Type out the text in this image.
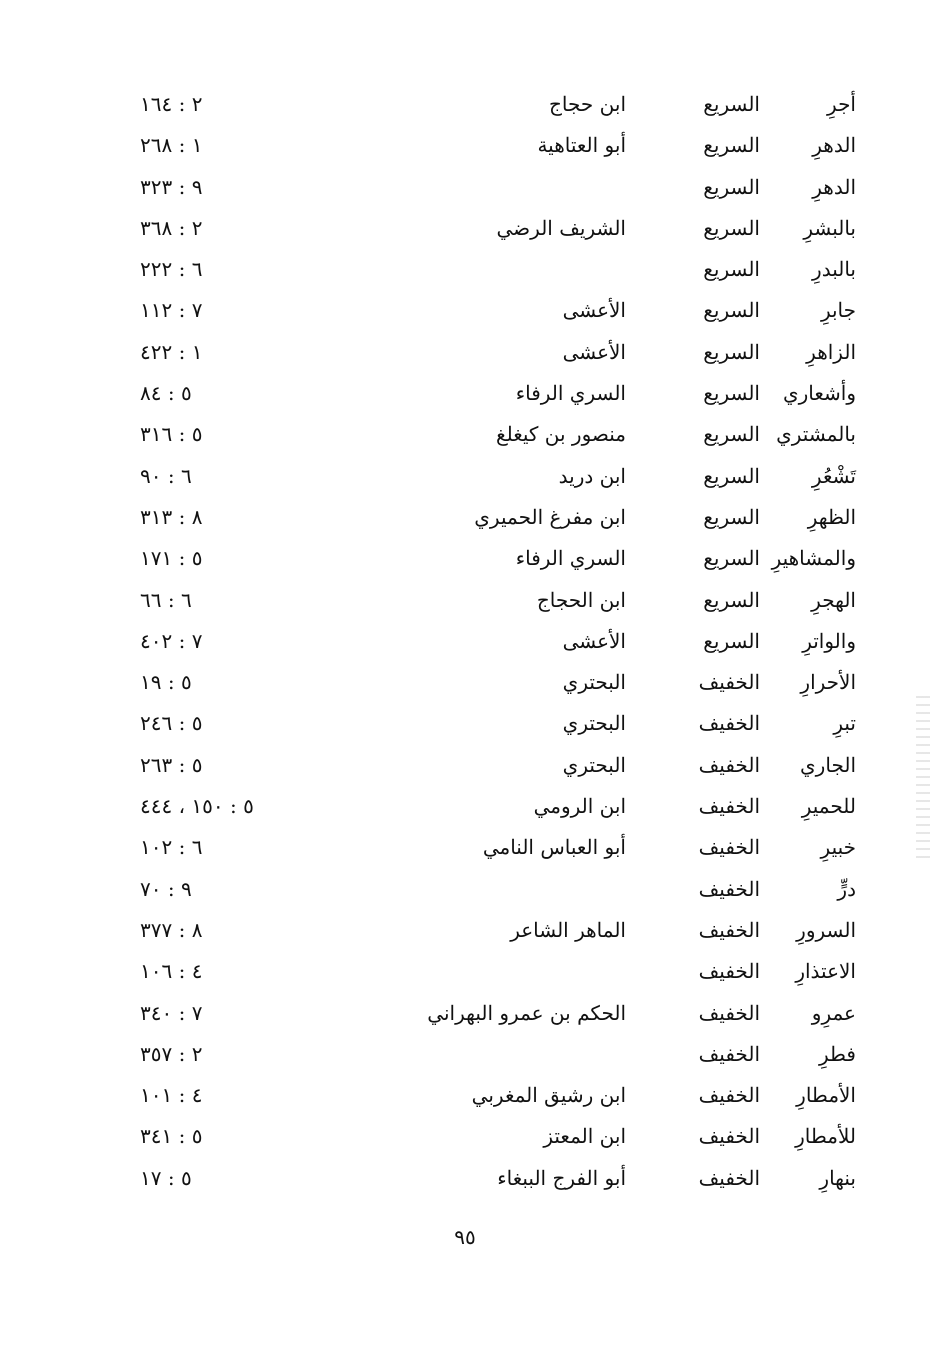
أجرِ
السريع
ابن حجاج
٢ : ١٦٤
الدهرِ
السريع
أبو العتاهية
١ : ٢٦٨
الدهرِ
السريع
٩ : ٣٢٣
بالبشرِ
السريع
الشريف الرضي
٢ : ٣٦٨
بالبدرِ
السريع
٦ : ٢٢٢
جابرِ
السريع
الأعشى
٧ : ١١٢
الزاهرِ
السريع
الأعشى
١ : ٤٢٢
وأشعاري
السريع
السري الرفاء
٥ : ٨٤
بالمشتري
السريع
منصور بن كيغلغ
٥ : ٣١٦
تَشْعُرِ
السريع
ابن دريد
٦ : ٩٠
الظهرِ
السريع
ابن مفرغ الحميري
٨ : ٣١٣
والمشاهيرِ
السريع
السري الرفاء
٥ : ١٧١
الهجرِ
السريع
ابن الحجاج
٦ : ٦٦
والواترِ
السريع
الأعشى
٧ : ٤٠٢
الأحرارِ
الخفيف
البحتري
٥ : ١٩
تبرِ
الخفيف
البحتري
٥ : ٢٤٦
الجاري
الخفيف
البحتري
٥ : ٢٦٣
للحميرِ
الخفيف
ابن الرومي
٥ : ١٥٠ ، ٤٤٤
خبيرِ
الخفيف
أبو العباس النامي
٦ : ١٠٢
درٍّ
الخفيف
٩ : ٧٠
السرورِ
الخفيف
الماهر الشاعر
٨ : ٣٧٧
الاعتذارِ
الخفيف
٤ : ١٠٦
عمرِو
الخفيف
الحكم بن عمرو البهراني
٧ : ٣٤٠
فطرِ
الخفيف
٢ : ٣٥٧
الأمطارِ
الخفيف
ابن رشيق المغربي
٤ : ١٠١
للأمطارِ
الخفيف
ابن المعتز
٥ : ٣٤١
بنهارِ
الخفيف
أبو الفرج الببغاء
٥ : ١٧
٩٥
